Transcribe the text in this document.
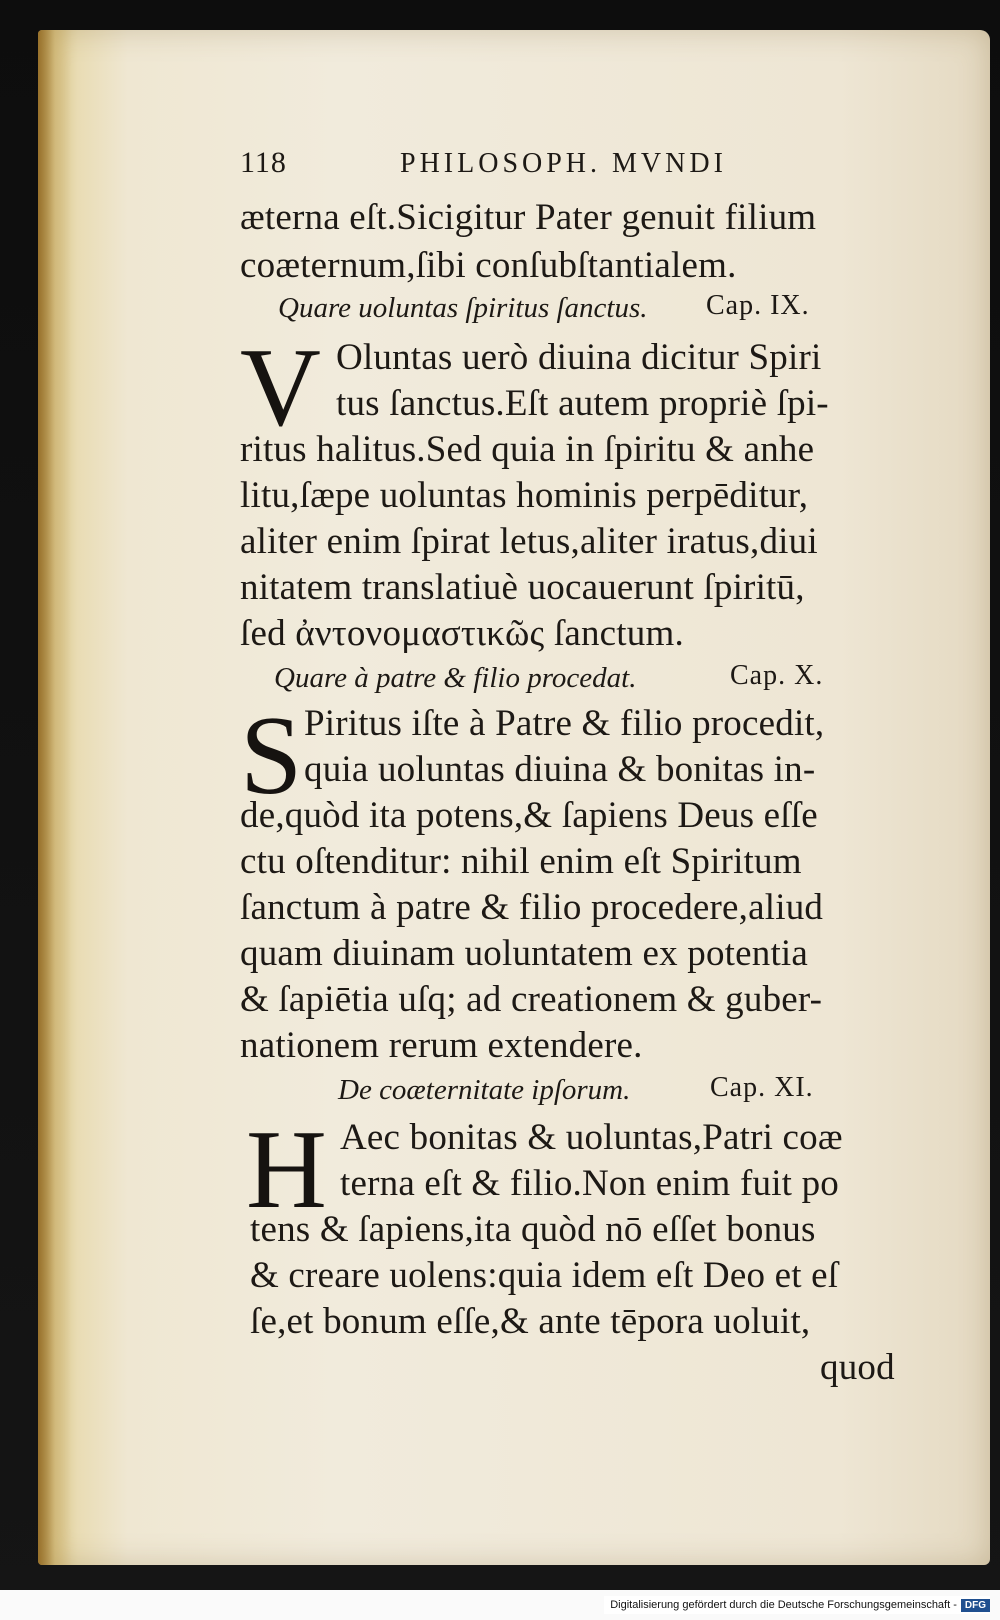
118	PHILOSOPH. MVNDI
æterna eſt.Sicigitur Pater genuit filium
coæternum,ſibi conſubſtantialem.
Quare uoluntas ſpiritus ſanctus. Cap. IX.
V Oluntas uerò diuina dicitur Spiri
tus ſanctus.Eſt autem propriè ſpi-
ritus halitus.Sed quia in ſpiritu & anhe
litu,ſæpe uoluntas hominis perpēditur,
aliter enim ſpirat letus,aliter iratus,diui
nitatem translatiuè uocauerunt ſpiritū,
ſed ἀντονομαστικῶς ſanctum.
Quare à patre & filio procedat.	Cap. X.
S Piritus iſte à Patre & filio procedit,
quia uoluntas diuina & bonitas in-
de,quòd ita potens,& ſapiens Deus eſſe
ctu oſtenditur: nihil enim eſt Spiritum
ſanctum à patre & filio procedere,aliud
quam diuinam uoluntatem ex potentia
& ſapiētia uſq; ad creationem & guber-
nationem rerum extendere.
De coæternitate ipſorum.	Cap. XI.
H Aec bonitas & uoluntas,Patri coæ
terna eſt & filio.Non enim fuit po
tens & ſapiens,ita quòd nō eſſet bonus
& creare uolens:quia idem eſt Deo et eſ
ſe,et bonum eſſe,& ante tēpora uoluit,
quod
Digitalisierung gefördert durch die Deutsche Forschungsgemeinschaft - DFG
